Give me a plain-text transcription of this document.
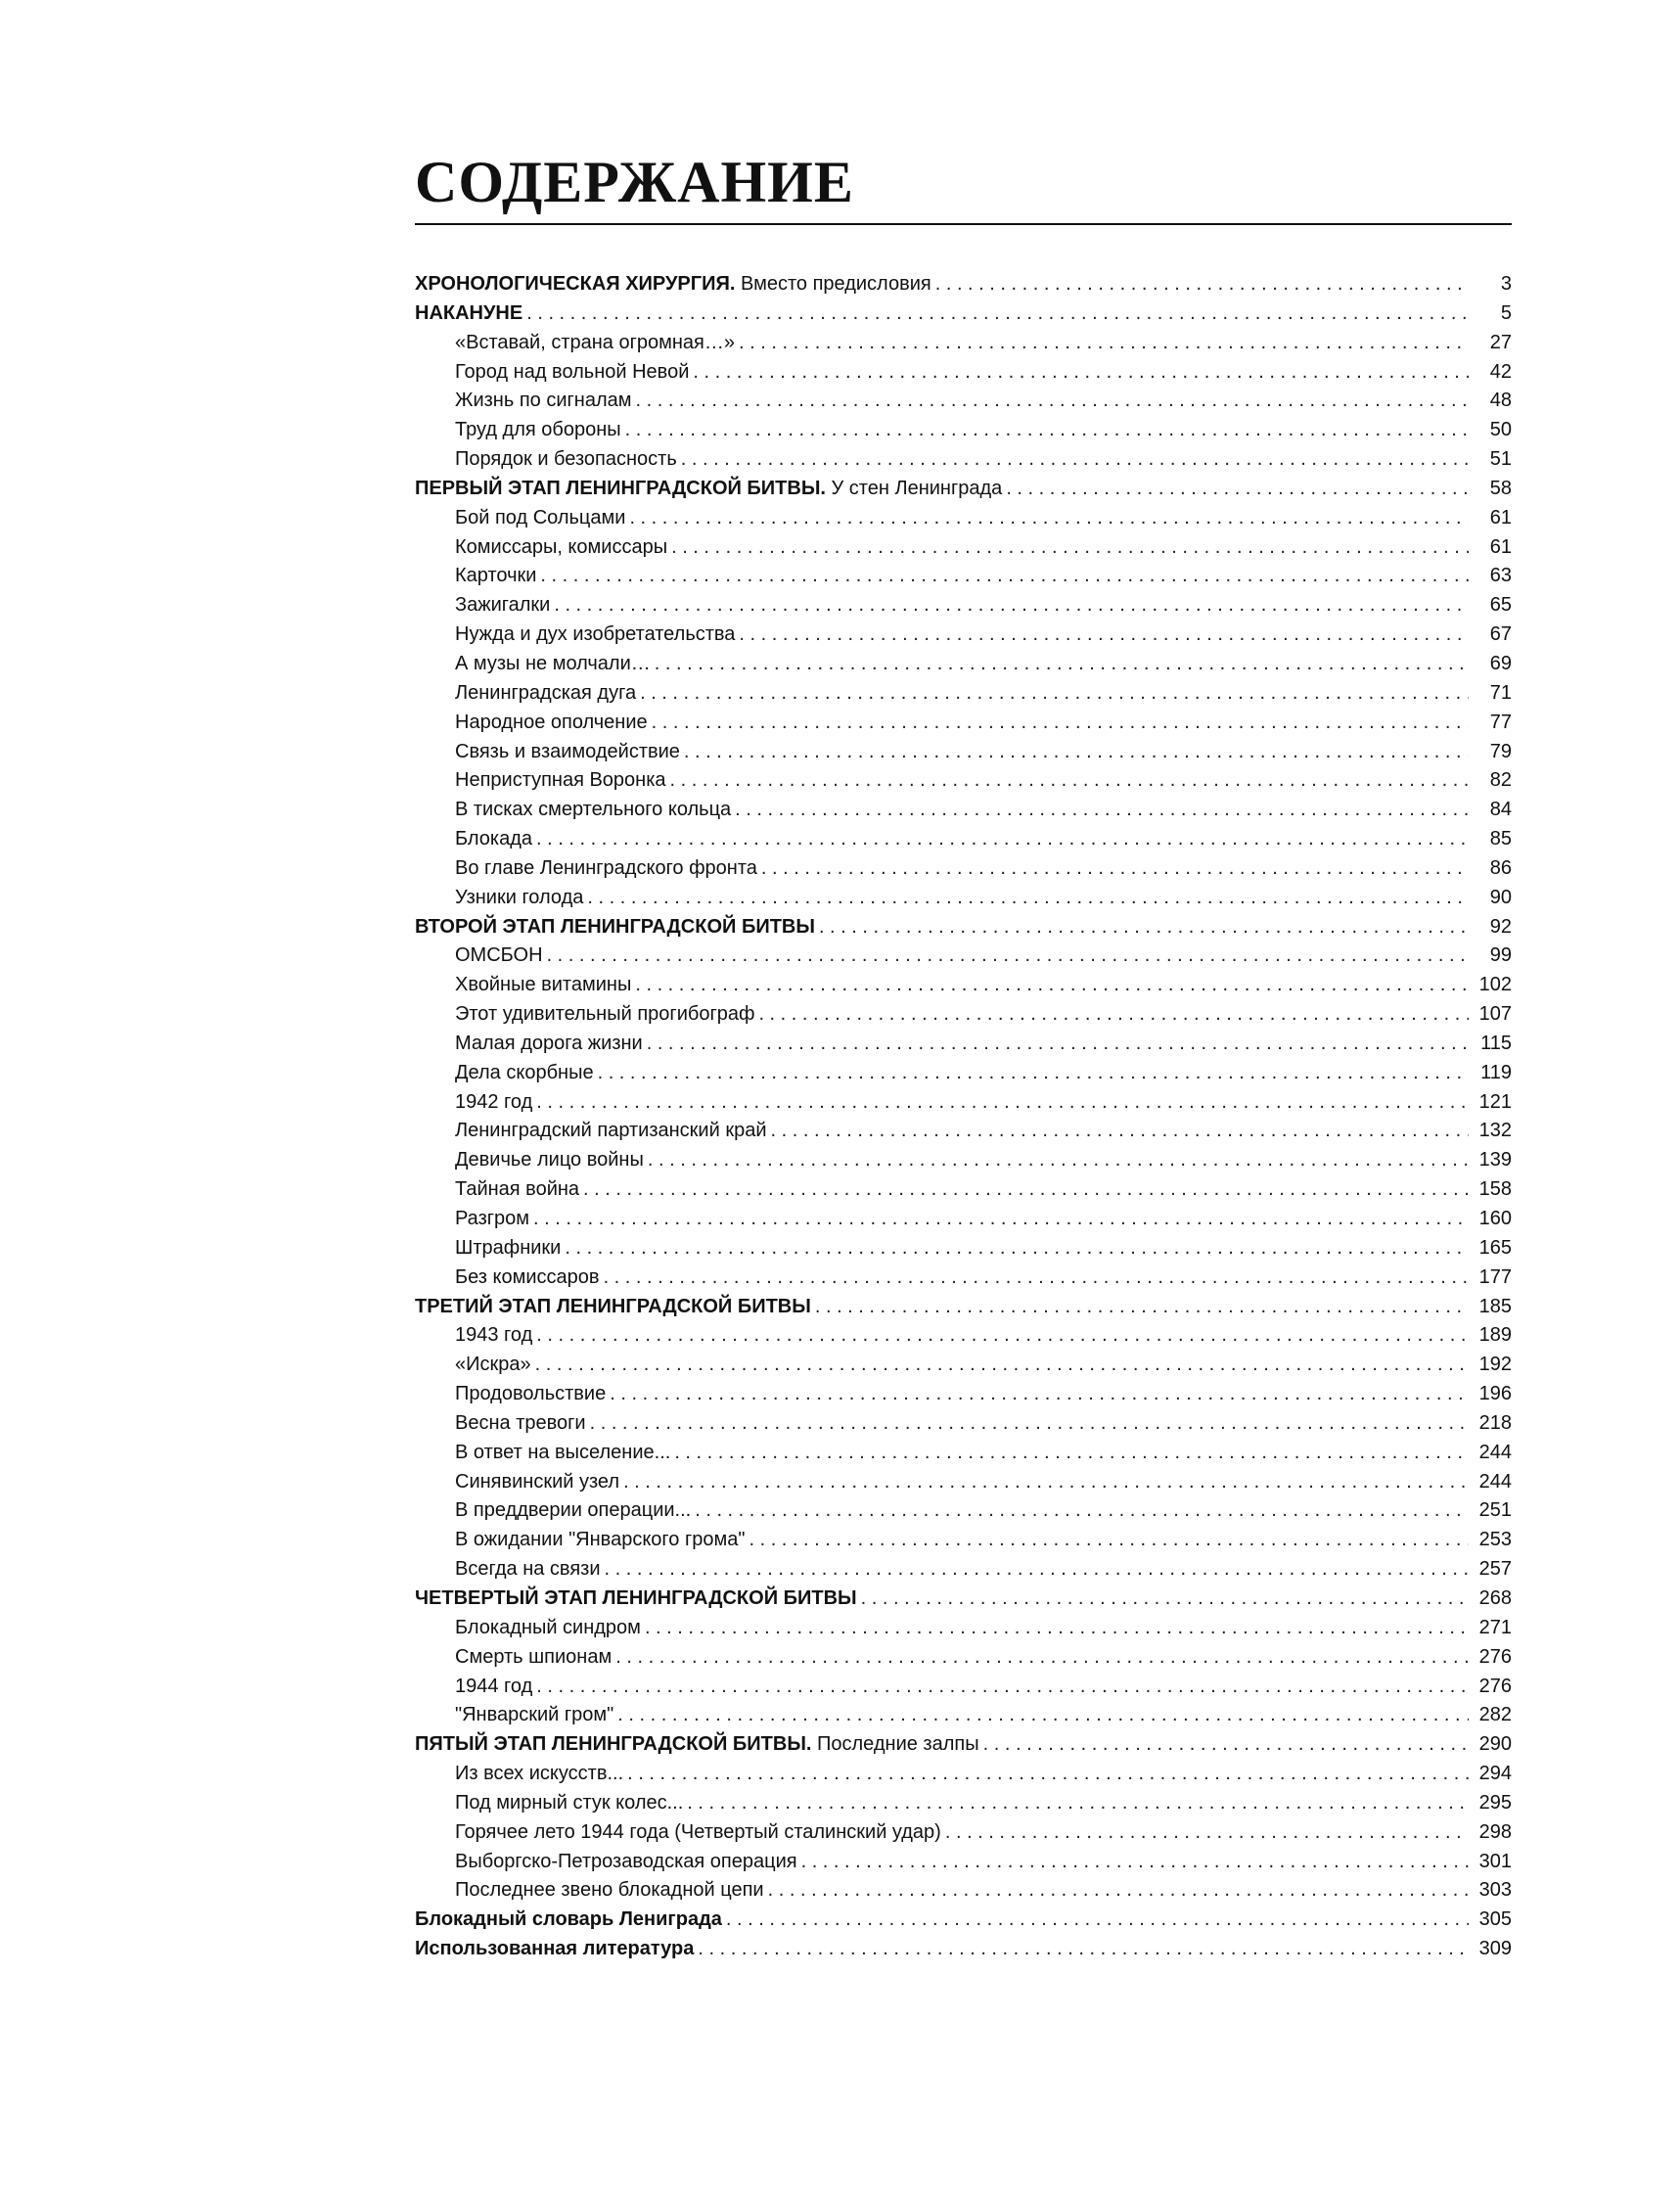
СОДЕРЖАНИЕ
ХРОНОЛОГИЧЕСКАЯ ХИРУРГИЯ. Вместо предисловия . . .	3
НАКАНУНЕ . . .	5
«Вставай, страна огромная…» . . .	27
Город над вольной Невой . . .	42
Жизнь по сигналам . . .	48
Труд для обороны . . .	50
Порядок и безопасность . . .	51
ПЕРВЫЙ ЭТАП ЛЕНИНГРАДСКОЙ БИТВЫ. У стен Ленинграда . . .	58
Бой под Сольцами . . .	61
Комиссары, комиссары . . .	61
Карточки . . .	63
Зажигалки . . .	65
Нужда и дух изобретательства . . .	67
А музы не молчали… . . .	69
Ленинградская дуга . . .	71
Народное ополчение . . .	77
Связь и взаимодействие . . .	79
Неприступная Воронка . . .	82
В тисках смертельного кольца . . .	84
Блокада . . .	85
Во главе Ленинградского фронта . . .	86
Узники голода . . .	90
ВТОРОЙ ЭТАП ЛЕНИНГРАДСКОЙ БИТВЫ . . .	92
ОМСБОН . . .	99
Хвойные витамины . . .	102
Этот удивительный прогибограф . . .	107
Малая дорога жизни . . .	115
Дела скорбные . . .	119
1942 год . . .	121
Ленинградский партизанский край . . .	132
Девичье лицо войны . . .	139
Тайная война . . .	158
Разгром . . .	160
Штрафники . . .	165
Без комиссаров . . .	177
ТРЕТИЙ ЭТАП ЛЕНИНГРАДСКОЙ БИТВЫ . . .	185
1943 год . . .	189
«Искра» . . .	192
Продовольствие . . .	196
Весна тревоги . . .	218
В ответ на выселение... . . .	244
Синявинский узел . . .	244
В преддверии операции... . . .	251
В ожидании "Январского грома" . . .	253
Всегда на связи . . .	257
ЧЕТВЕРТЫЙ ЭТАП ЛЕНИНГРАДСКОЙ БИТВЫ . . .	268
Блокадный синдром . . .	271
Смерть шпионам . . .	276
1944 год . . .	276
"Январский гром" . . .	282
ПЯТЫЙ ЭТАП ЛЕНИНГРАДСКОЙ БИТВЫ. Последние залпы . . .	290
Из всех искусств... . . .	294
Под мирный стук колес... . . .	295
Горячее лето 1944 года (Четвертый сталинский удар) . . .	298
Выборгско-Петрозаводская операция . . .	301
Последнее звено блокадной цепи . . .	303
Блокадный словарь Лениграда . . .	305
Использованная литература . . .	309
